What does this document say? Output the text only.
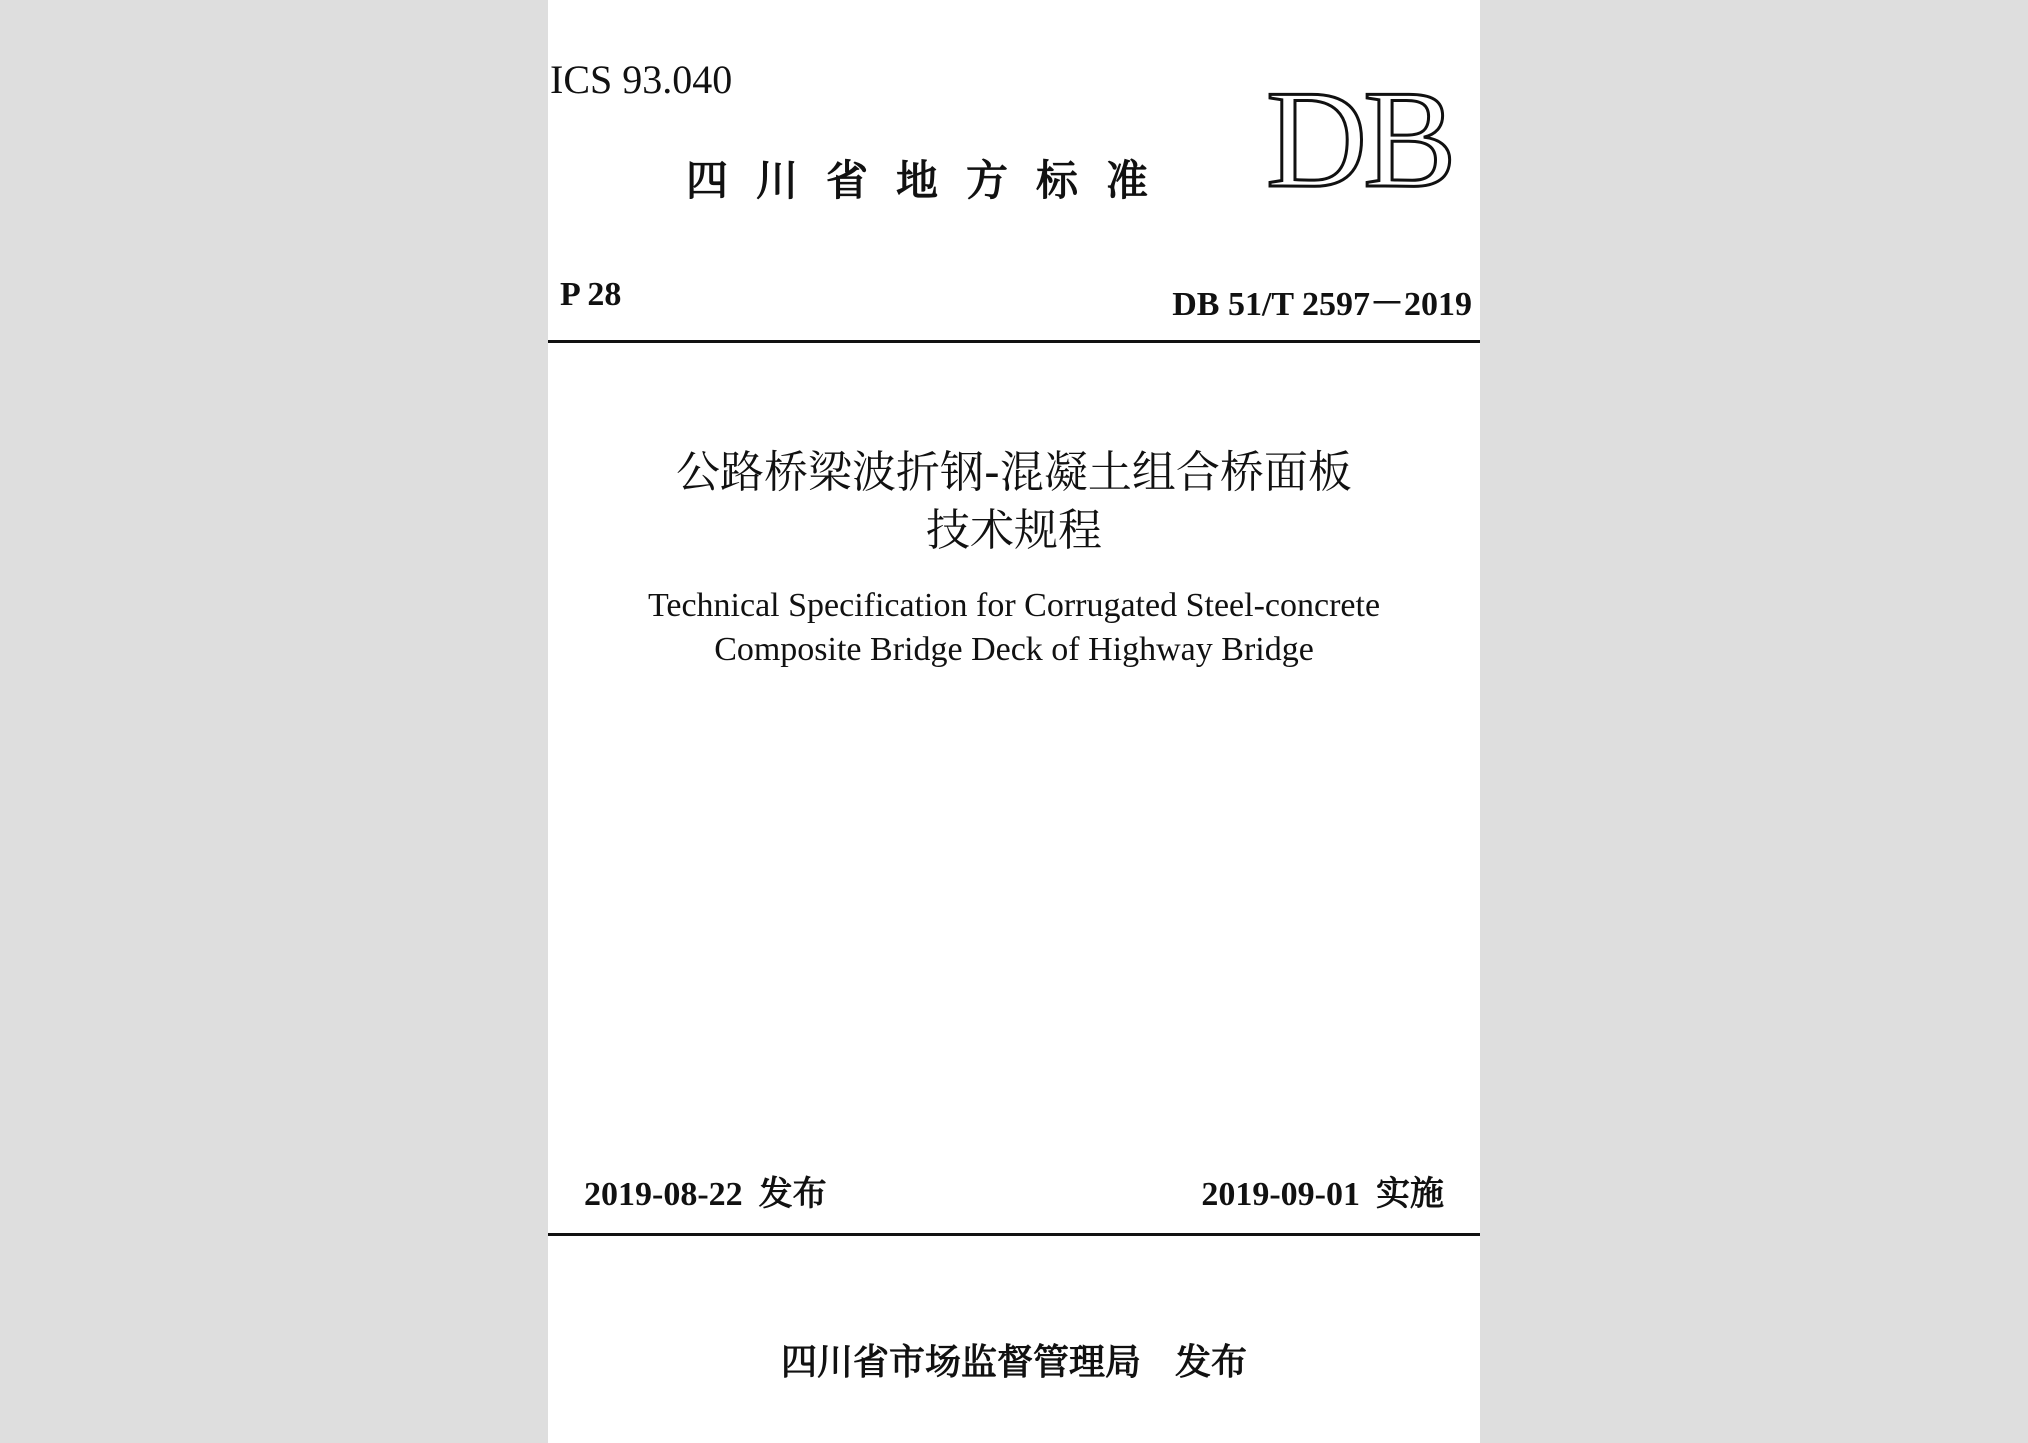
ICS 93.040
四川省地方标准 DB
P 28	DB 51/T 2597－2019
公路桥梁波折钢-混凝土组合桥面板
技术规程
Technical Specification for Corrugated Steel-concrete
Composite Bridge Deck of Highway Bridge
2019-08-22 发布	2019-09-01 实施
四川省市场监督管理局 发布
